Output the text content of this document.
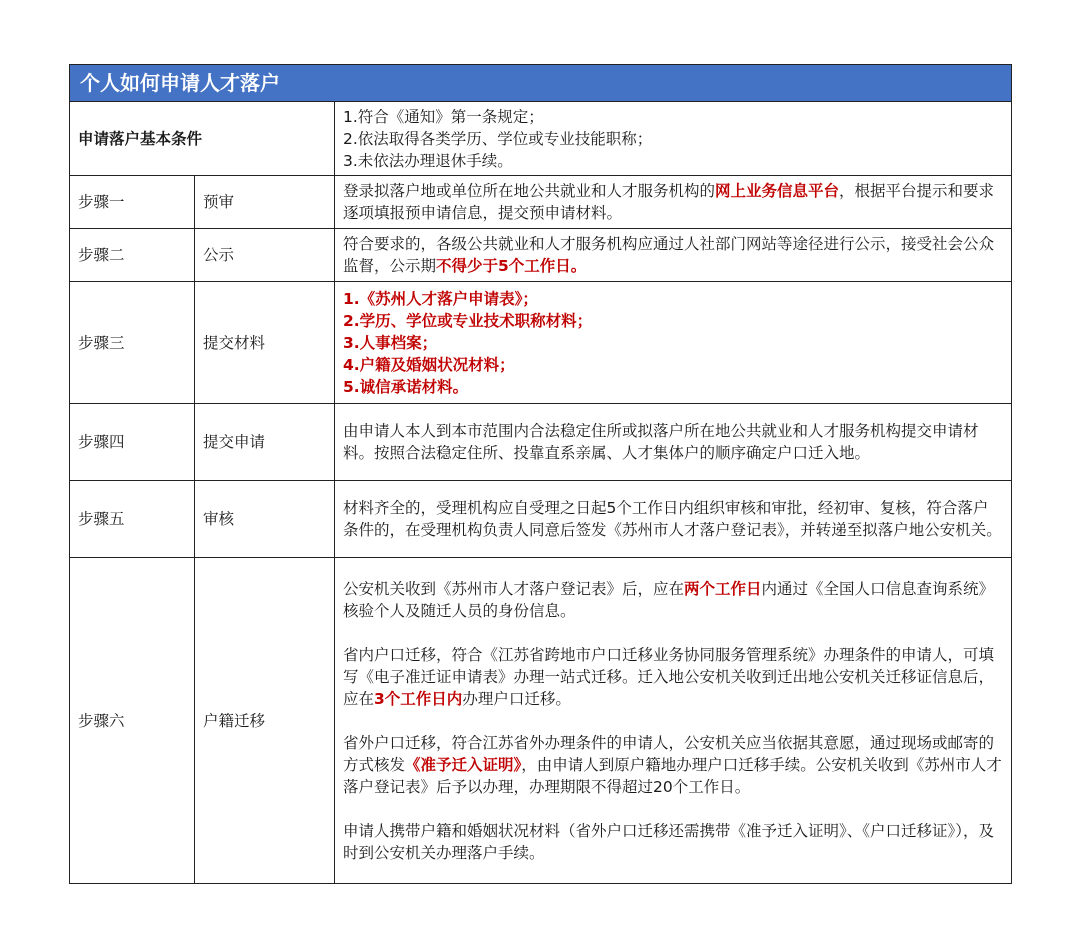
个人如何申请人才落户		
申请落户基本条件		1.符合《通知》第一条规定；

2.依法取得各类学历、学位或专业技能职称；

3.未依法办理退休手续。

步骤一	预审	登录拟落户地或单位所在地公共就业和人才服务机构的网上业务信息平台，根据平台提示和要求逐项填报预申请信息，提交预申请材料。
步骤二	公示	符合要求的，各级公共就业和人才服务机构应通过人社部门网站等途径进行公示，接受社会公众监督，公示期不得少于5个工作日。
步骤三	提交材料	1.《苏州人才落户申请表》；

2.学历、学位或专业技术职称材料；

3.人事档案；

4.户籍及婚姻状况材料；

5.诚信承诺材料。

步骤四	提交申请	由申请人本人到本市范围内合法稳定住所或拟落户所在地公共就业和人才服务机构提交申请材料。按照合法稳定住所、投靠直系亲属、人才集体户的顺序确定户口迁入地。
步骤五	审核	材料齐全的，受理机构应自受理之日起5个工作日内组织审核和审批，经初审、复核，符合落户条件的，在受理机构负责人同意后签发《苏州市人才落户登记表》，并转递至拟落户地公安机关。
步骤六	户籍迁移	公安机关收到《苏州市人才落户登记表》后，应在两个工作日内通过《全国人口信息查询系统》核验个人及随迁人员的身份信息。

省内户口迁移，符合《江苏省跨地市户口迁移业务协同服务管理系统》办理条件的申请人，可填写《电子准迁证申请表》办理一站式迁移。迁入地公安机关收到迁出地公安机关迁移证信息后，应在3个工作日内办理户口迁移。

省外户口迁移，符合江苏省外办理条件的申请人，公安机关应当依据其意愿，通过现场或邮寄的方式核发《准予迁入证明》，由申请人到原户籍地办理户口迁移手续。公安机关收到《苏州市人才落户登记表》后予以办理，办理期限不得超过20个工作日。

申请人携带户籍和婚姻状况材料（省外户口迁移还需携带《准予迁入证明》、《户口迁移证》），及时到公安机关办理落户手续。
